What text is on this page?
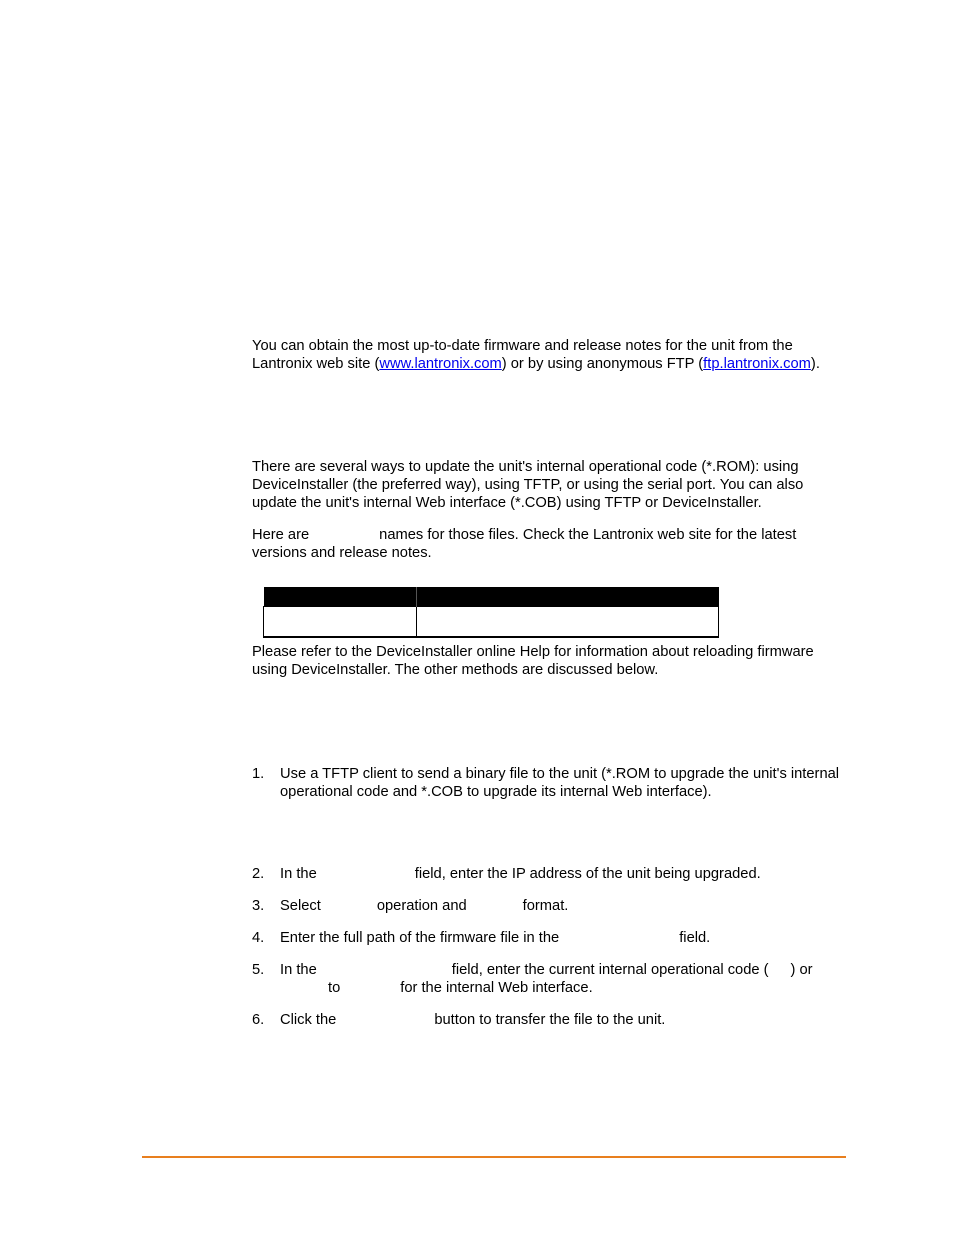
You can obtain the most up-to-date firmware and release notes for the unit from the Lantronix web site (www.lantronix.com) or by using anonymous FTP (ftp.lantronix.com).

There are several ways to update the unit's internal operational code (*.ROM): using DeviceInstaller (the preferred way), using TFTP, or using the serial port. You can also update the unit's internal Web interface (*.COB) using TFTP or DeviceInstaller.

Here are	names for those files. Check the Lantronix web site for the latest versions and release notes.

Please refer to the DeviceInstaller online Help for information about reloading firmware using DeviceInstaller. The other methods are discussed below.

1. Use a TFTP client to send a binary file to the unit (*.ROM to upgrade the unit's internal operational code and *.COB to upgrade its internal Web interface).
2. In the	field, enter the IP address of the unit being upgraded.
3. Select	operation and	format.
4. Enter the full path of the firmware file in the	field.
5. In the	field, enter the current internal operational code ( ) or
to	for the internal Web interface.
6. Click the	button to transfer the file to the unit.
